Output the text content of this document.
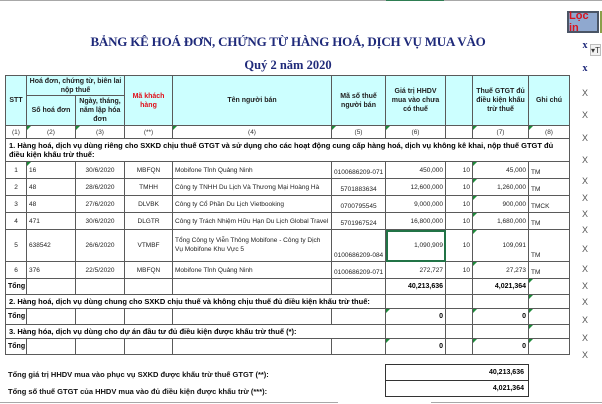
BẢNG KÊ HOÁ ĐƠN, CHỨNG TỪ HÀNG HOÁ, DỊCH VỤ MUA VÀO
Quý 2 năm 2020
Lọc in
x ▾T
x
X
X
X
X
X
X
X
X
X
X
X
X
X
X
X
STT	Hoá đơn, chứng từ, biên lai nộp thuế		Mã khách hàng	Tên người bán	Mã số thuế người bán	Giá trị HHDV mua vào chưa có thuế		Thuế GTGT đủ điều kiện khấu trừ thuế	Ghi chú
	Số hoá đơn	Ngày, tháng, năm lập hóa đơn							
(1)	(2)	(3)	(**)	(4)	(5)	(6)		(7)	(8)
1. Hàng hoá, dịch vụ dùng riêng cho SXKD chịu thuế GTGT và sử dụng cho các hoạt động cung cấp hàng hoá, dịch vụ không kê khai, nộp thuế GTGT đủ điều kiện khấu trừ thuế:									
1	16	30/6/2020	MBFQN	Mobifone Tỉnh Quảng Ninh	0100686209-071	450,000	10	45,000	TM
2	48	28/6/2020	TMHH	Công ty TNHH Du Lịch Và Thương Mại Hoàng Hà	5701883634	12,600,000	10	1,260,000	TM
3	48	27/6/2020	DLVBK	Công ty Cổ Phần Du Lịch Vietbooking	0700795545	9,000,000	10	900,000	TMCK
4	471	30/6/2020	DLGTR	Công ty Trách Nhiệm Hữu Hạn Du Lịch Global Travel	5701967524	16,800,000	10	1,680,000	TM
5	638542	26/6/2020	VTMBF	Tổng Công ty Viễn Thông Mobifone - Công ty Dịch Vụ Mobifone Khu Vực 5	0100686209-084	1,090,909	10	109,091	TM
6	376	22/5/2020	MBFQN	Mobifone Tỉnh Quảng Ninh	0100686209-071	272,727	10	27,273	TM
Tổng						40,213,636		4,021,364	
2. Hàng hoá, dịch vụ dùng chung cho SXKD chịu thuế và không chịu thuế đủ điều kiện khấu trừ thuế:									
Tổng						0		0	
3. Hàng hóa, dịch vụ dùng cho dự án đầu tư đủ điều kiện được khấu trừ thuế (*):									
Tổng						0		0	
Tổng giá trị HHDV mua vào phục vụ SXKD được khấu trừ thuế GTGT (**):	40,213,636
Tổng số thuế GTGT của HHDV mua vào đủ điều kiện được khấu trừ (***):	4,021,364
